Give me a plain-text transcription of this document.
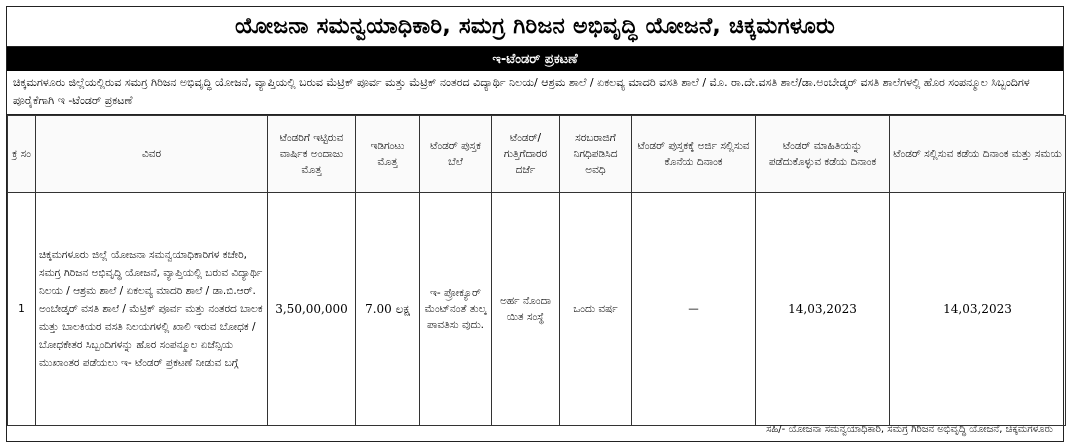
ಯೋಜನಾ ಸಮನ್ವಯಾಧಿಕಾರಿ, ಸಮಗ್ರ ಗಿರಿಜನ ಅಭಿವೃದ್ಧಿ ಯೋಜನೆ, ಚಿಕ್ಕಮಗಳೂರು
ಇ-ಟೆಂಡರ್ ಪ್ರಕಟಣೆ
ಚಿಕ್ಕಮಗಳೂರು ಜಿಲ್ಲೆಯಲ್ಲಿರುವ ಸಮಗ್ರ ಗಿರಿಜನ ಅಭಿವೃದ್ಧಿ ಯೋಜನೆ, ವ್ಯಾಪ್ತಿಯಲ್ಲಿ ಬರುವ ಮೆಟ್ರಿಕ್ ಪೂರ್ವ ಮತ್ತು ಮೆಟ್ರಿಕ್ ನಂತರದ ವಿದ್ಯಾರ್ಥಿ ನಿಲಯ/ ಆಶ್ರಮ ಶಾಲೆ / ಏಕಲವ್ಯ ಮಾದರಿ ವಸತಿ ಶಾಲೆ / ಮೊ. ರಾ.ದೇ.ವಸತಿ ಶಾಲೆ/ಡಾ.ಅಂಬೇಡ್ಕರ್ ವಸತಿ ಶಾಲೆಗಳಲ್ಲಿ ಹೊರ ಸಂಪನ್ಮೂಲ ಸಿಬ್ಬಂದಿಗಳ ಪೂರೈಕೆಗಾಗಿ ಇ -ಟೆಂಡರ್ ಪ್ರಕಟಣೆ
ಕ್ರ ಸಂ	ವಿವರ	ಟೆಂಡರಿಗೆ ಇಟ್ಟಿರುವ ವಾರ್ಷಿಕ ಅಂದಾಜು ಮೊತ್ತ	ಇಡಿಗಂಟು ಮೊತ್ತ	ಟೆಂಡರ್ ಪುಸ್ತಕ ಬೆಲೆ	ಟೆಂಡರ್/ ಗುತ್ತಿಗೆದಾರರ ದರ್ಜೆ	ಸರಬರಾಜಿಗೆ ನಿಗಧಿಪಡಿಸಿದ ಅವಧಿ	ಟೆಂಡರ್ ಪುಸ್ತಕಕ್ಕೆ ಅರ್ಜಿ ಸಲ್ಲಿಸುವ ಕೊನೆಯ ದಿನಾಂಕ	ಟೆಂಡರ್ ಮಾಹಿತಿಯನ್ನು ಪಡೆದುಕೊಳ್ಳುವ ಕಡೆಯ ದಿನಾಂಕ	ಟೆಂಡರ್ ಸಲ್ಲಿಸುವ ಕಡೆಯ ದಿನಾಂಕ ಮತ್ತು ಸಮಯ
1	ಚಿಕ್ಕಮಗಳೂರು ಜಿಲ್ಲೆ ಯೋಜನಾ ಸಮನ್ವಯಾಧಿಕಾರಿಗಳ ಕಚೇರಿ, ಸಮಗ್ರ ಗಿರಿಜನ ಅಭಿವೃದ್ಧಿ ಯೋಜನೆ, ವ್ಯಾಪ್ತಿಯಲ್ಲಿ ಬರುವ ವಿದ್ಯಾರ್ಥಿ ನಿಲಯ / ಆಶ್ರಮ ಶಾಲೆ / ಏಕಲವ್ಯ ಮಾದರಿ ಶಾಲೆ / ಡಾ.ಬಿ.ಆರ್. ಅಂಬೇಡ್ಕರ್ ವಸತಿ ಶಾಲೆ / ಮೆಟ್ರಿಕ್ ಪೂರ್ವ ಮತ್ತು ನಂತರದ ಬಾಲಕ ಮತ್ತು ಬಾಲಕಿಯರ ವಸತಿ ನಿಲಯಗಳಲ್ಲಿ ಖಾಲಿ ಇರುವ ಬೋಧಕ / ಬೋಧಕೇತರ ಸಿಬ್ಬಂದಿಗಳನ್ನು ಹೊರ ಸಂಪನ್ಮೂಲ ಏಜೆನ್ಸಿಯ ಮುಖಾಂತರ ಪಡೆಯಲು ಇ- ಟೆಂಡರ್ ಪ್ರಕಟಣೆ ನೀಡುವ ಬಗ್ಗೆ	3,50,00,000	7.00 ಲಕ್ಷ	ಇ- ಪ್ರೋಕ್ಯೂರ್ ಮೆಂಟ್‌ನಂತೆ ತುಲ್ಕ ಪಾವತಿಸು ವುದು.	ಅರ್ಹ ನೊಂದಾ ಯಿತ ಸಂಸ್ಥೆ	ಒಂದು ವರ್ಷ	—	14,03,2023	14,03,2023
ಸಹಿ/- ಯೋಜನಾ ಸಮನ್ವಯಾಧಿಕಾರಿ, ಸಮಗ್ರ ಗಿರಿಜನ ಅಭಿವೃದ್ಧಿ ಯೋಜನೆ, ಚಿಕ್ಕಮಗಳೂರು
